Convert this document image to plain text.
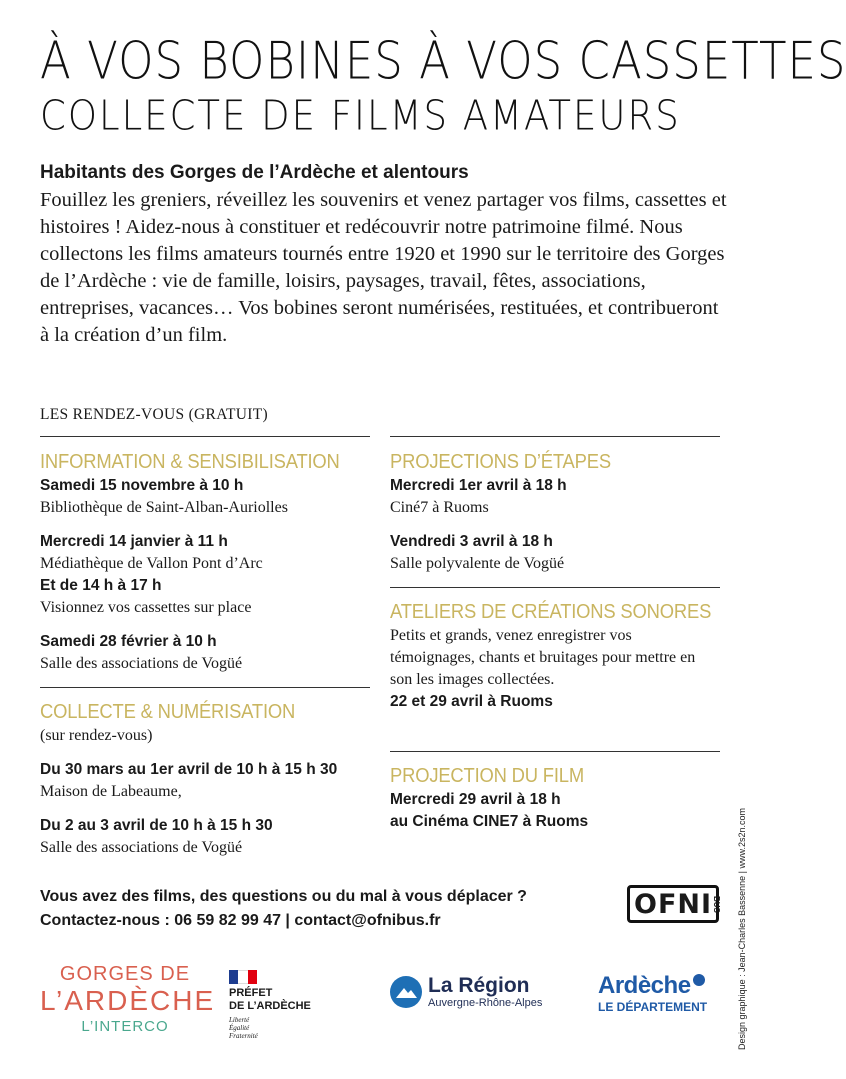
À VOS BOBINES À VOS CASSETTES
COLLECTE DE FILMS AMATEURS
Habitants des Gorges de l’Ardèche et alentours
Fouillez les greniers, réveillez les souvenirs et venez partager vos films, cassettes et histoires ! Aidez-nous à constituer et redécouvrir notre patrimoine filmé. Nous collectons les films amateurs tournés entre 1920 et 1990 sur le territoire des Gorges de l’Ardèche : vie de famille, loisirs, paysages, travail, fêtes, associations, entreprises, vacances… Vos bobines seront numérisées, restituées, et contribueront à la création d’un film.
LES RENDEZ-VOUS (GRATUIT)

INFORMATION & SENSIBILISATION

Samedi 15 novembre à 10 h

Bibliothèque de Saint-Alban-Auriolles

Mercredi 14 janvier à 11 h

Médiathèque de Vallon Pont d’Arc

Et de 14 h à 17 h

Visionnez vos cassettes sur place

Samedi 28 février à 10 h

Salle des associations de Vogüé

COLLECTE & NUMÉRISATION

(sur rendez-vous)

Du 30 mars au 1er avril de 10 h à 15 h 30

Maison de Labeaume,

Du 2 au 3 avril de 10 h à 15 h 30

Salle des associations de Vogüé

PROJECTIONS D’ÉTAPES

Mercredi 1er avril à 18 h

Ciné7 à Ruoms

Vendredi 3 avril à 18 h

Salle polyvalente de Vogüé

ATELIERS DE CRÉATIONS SONORES

Petits et grands, venez enregistrer vos témoignages, chants et bruitages pour mettre en son les images collectées.

22 et 29 avril à Ruoms

PROJECTION DU FILM

Mercredi 29 avril à 18 h

au Cinéma CINE7 à Ruoms

Vous avez des films, des questions ou du mal à vous déplacer ?
Contactez-nous : 06 59 82 99 47 | contact@ofnibus.fr
OFNI BUS Design graphique : Jean-Charles Bassenne | www.2s2n.com
GORGES DE
L’ARDÈCHE
L’INTERCO
PRÉFET
DE L’ARDÈCHE
Liberté Égalité Fraternité
La Région
Auvergne-Rhône-Alpes
Ardèche
LE DÉPARTEMENT
